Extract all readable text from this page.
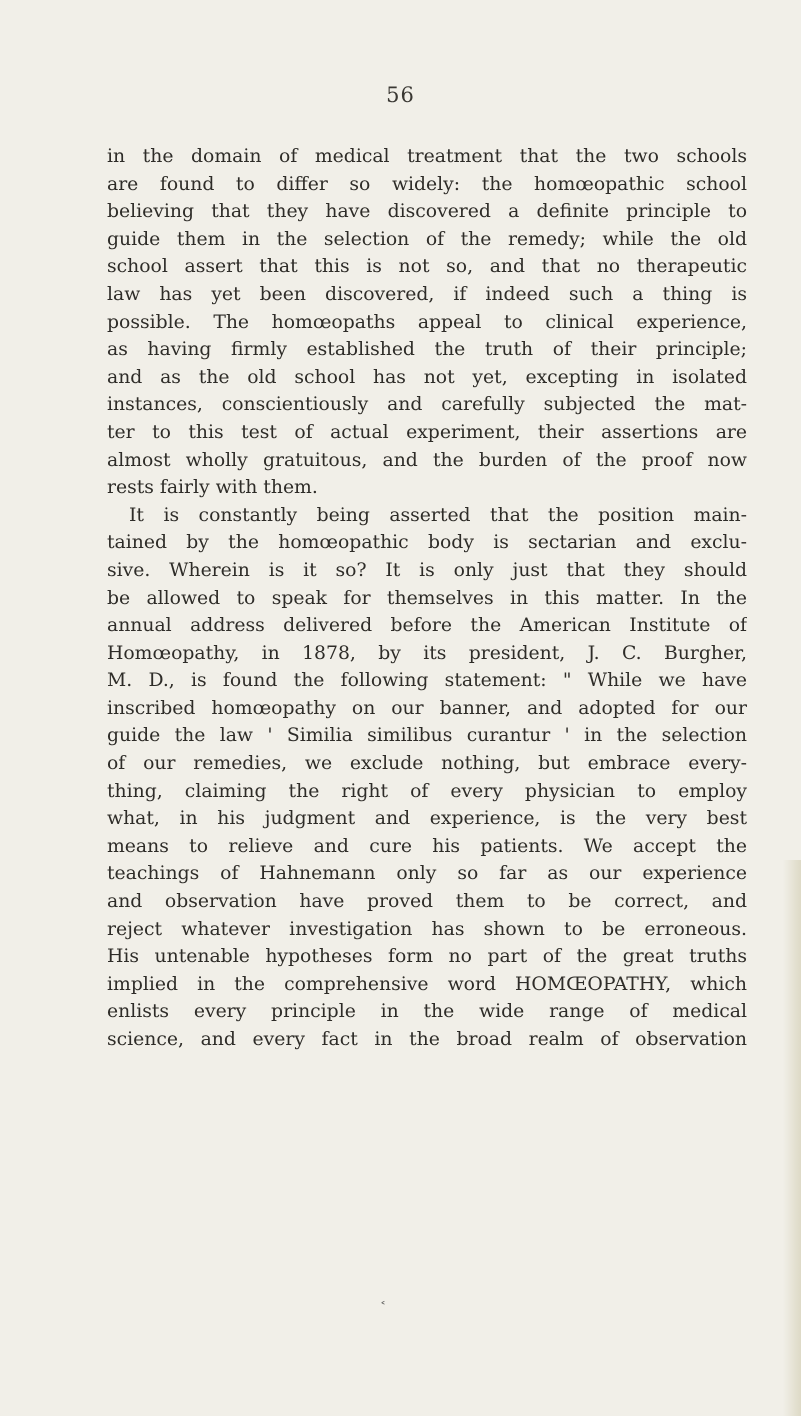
56
in the domain of medical treatment that the two schools
are found to differ so widely: the homœopathic school
believing that they have discovered a definite principle to
guide them in the selection of the remedy; while the old
school assert that this is not so, and that no therapeutic
law has yet been discovered, if indeed such a thing is
possible. The homœopaths appeal to clinical experience,
as having firmly established the truth of their principle;
and as the old school has not yet, excepting in isolated
instances, conscientiously and carefully subjected the mat-
ter to this test of actual experiment, their assertions are
almost wholly gratuitous, and the burden of the proof now
rests fairly with them.
It is constantly being asserted that the position main-
tained by the homœopathic body is sectarian and exclu-
sive. Wherein is it so? It is only just that they should
be allowed to speak for themselves in this matter. In the
annual address delivered before the American Institute of
Homœopathy, in 1878, by its president, J. C. Burgher,
M. D., is found the following statement: " While we have
inscribed homœopathy on our banner, and adopted for our
guide the law ' Similia similibus curantur ' in the selection
of our remedies, we exclude nothing, but embrace every-
thing, claiming the right of every physician to employ
what, in his judgment and experience, is the very best
means to relieve and cure his patients. We accept the
teachings of Hahnemann only so far as our experience
and observation have proved them to be correct, and
reject whatever investigation has shown to be erroneous.
His untenable hypotheses form no part of the great truths
implied in the comprehensive word HOMŒOPATHY, which
enlists every principle in the wide range of medical
science, and every fact in the broad realm of observation
˂
